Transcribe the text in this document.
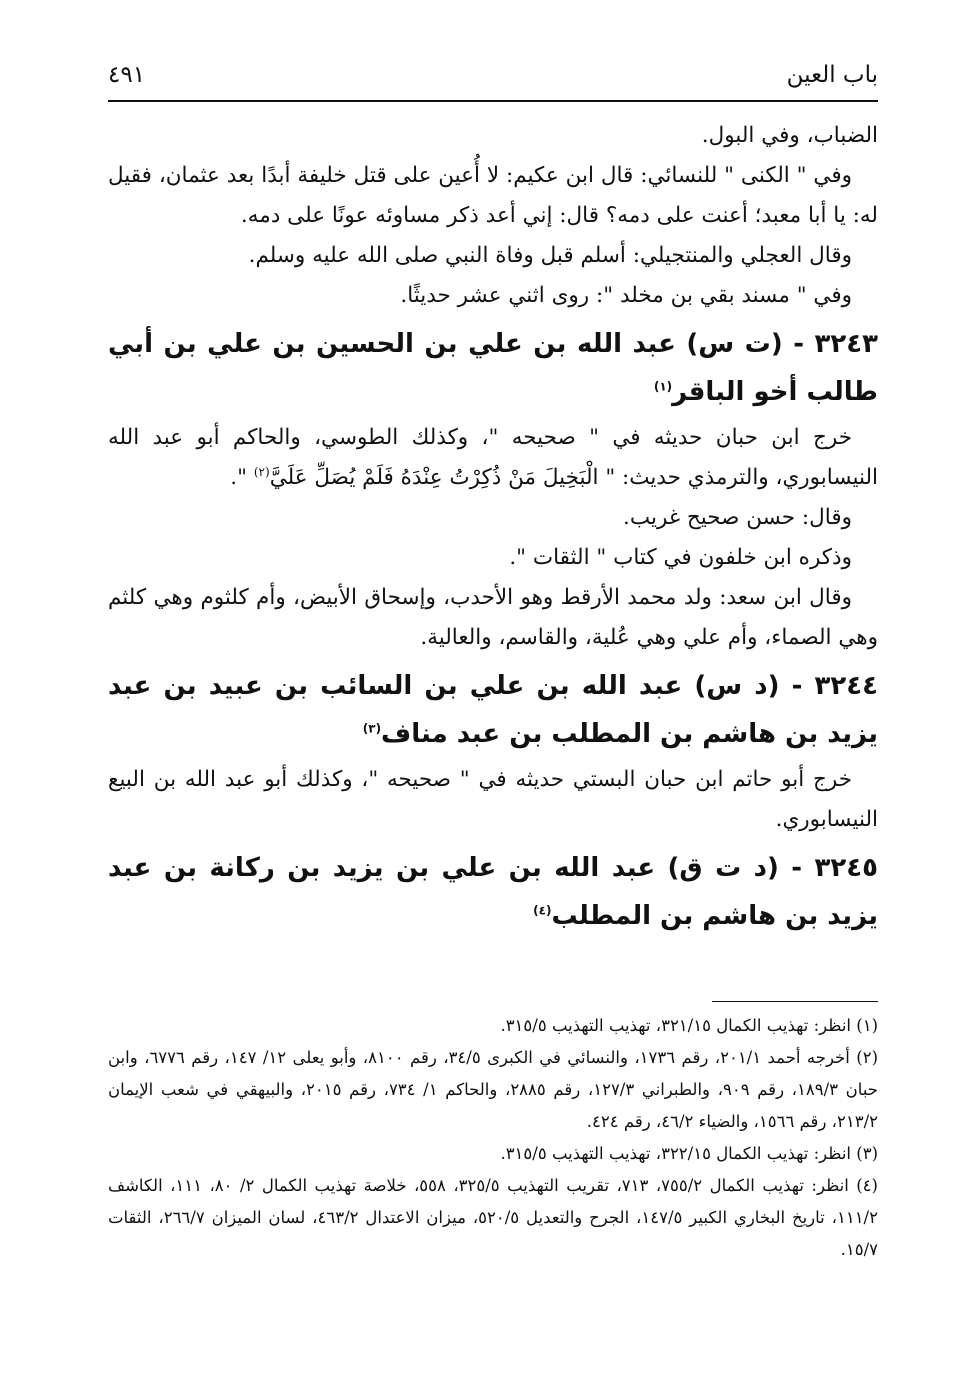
باب العين
٤٩١

الضباب، وفي البول.

وفي " الكنى " للنسائي: قال ابن عكيم: لا أُعين على قتل خليفة أبدًا بعد عثمان، فقيل له: يا أبا معبد؛ أعنت على دمه؟ قال: إني أعد ذكر مساوئه عونًا على دمه.

وقال العجلي والمنتجيلي: أسلم قبل وفاة النبي صلى الله عليه وسلم.

وفي " مسند بقي بن مخلد ": روى اثني عشر حديثًا.

٣٢٤٣ - (ت س) عبد الله بن علي بن الحسين بن علي بن أبي طالب أخو الباقر$^{(١)}$

خرج ابن حبان حديثه في " صحيحه "، وكذلك الطوسي، والحاكم أبو عبد الله النيسابوري، والترمذي حديث: " الْبَخِيلَ مَنْ ذُكِرْتُ عِنْدَهُ فَلَمْ يُصَلِّ عَلَيَّ$^{(٢)}$ ".

وقال: حسن صحيح غريب.

وذكره ابن خلفون في كتاب " الثقات ".

وقال ابن سعد: ولد محمد الأرقط وهو الأحدب، وإسحاق الأبيض، وأم كلثوم وهي كلثم وهي الصماء، وأم علي وهي عُلية، والقاسم، والعالية.

٣٢٤٤ - (د س) عبد الله بن علي بن السائب بن عبيد بن عبد يزيد بن هاشم بن المطلب بن عبد مناف$^{(٣)}$

خرج أبو حاتم ابن حبان البستي حديثه في " صحيحه "، وكذلك أبو عبد الله بن البيع النيسابوري.

٣٢٤٥ - (د ت ق) عبد الله بن علي بن يزيد بن ركانة بن عبد يزيد بن هاشم بن المطلب$^{(٤)}$

(١) انظر: تهذيب الكمال ٣٢١/١٥، تهذيب التهذيب ٣١٥/٥.

(٢) أخرجه أحمد ٢٠١/١، رقم ١٧٣٦، والنسائي في الكبرى ٣٤/٥، رقم ٨١٠٠، وأبو يعلى ١٢/ ١٤٧، رقم ٦٧٧٦، وابن حبان ١٨٩/٣، رقم ٩٠٩، والطبراني ١٢٧/٣، رقم ٢٨٨٥، والحاكم ١/ ٧٣٤، رقم ٢٠١٥، والبيهقي في شعب الإيمان ٢١٣/٢، رقم ١٥٦٦، والضياء ٤٦/٢، رقم ٤٢٤.

(٣) انظر: تهذيب الكمال ٣٢٢/١٥، تهذيب التهذيب ٣١٥/٥.

(٤) انظر: تهذيب الكمال ٧٥٥/٢، ٧١٣، تقريب التهذيب ٣٢٥/٥، ٥٥٨، خلاصة تهذيب الكمال ٢/ ٨٠، ١١١، الكاشف ١١١/٢، تاريخ البخاري الكبير ١٤٧/٥، الجرح والتعديل ٥٢٠/٥، ميزان الاعتدال ٤٦٣/٢، لسان الميزان ٢٦٦/٧، الثقات ١٥/٧.
